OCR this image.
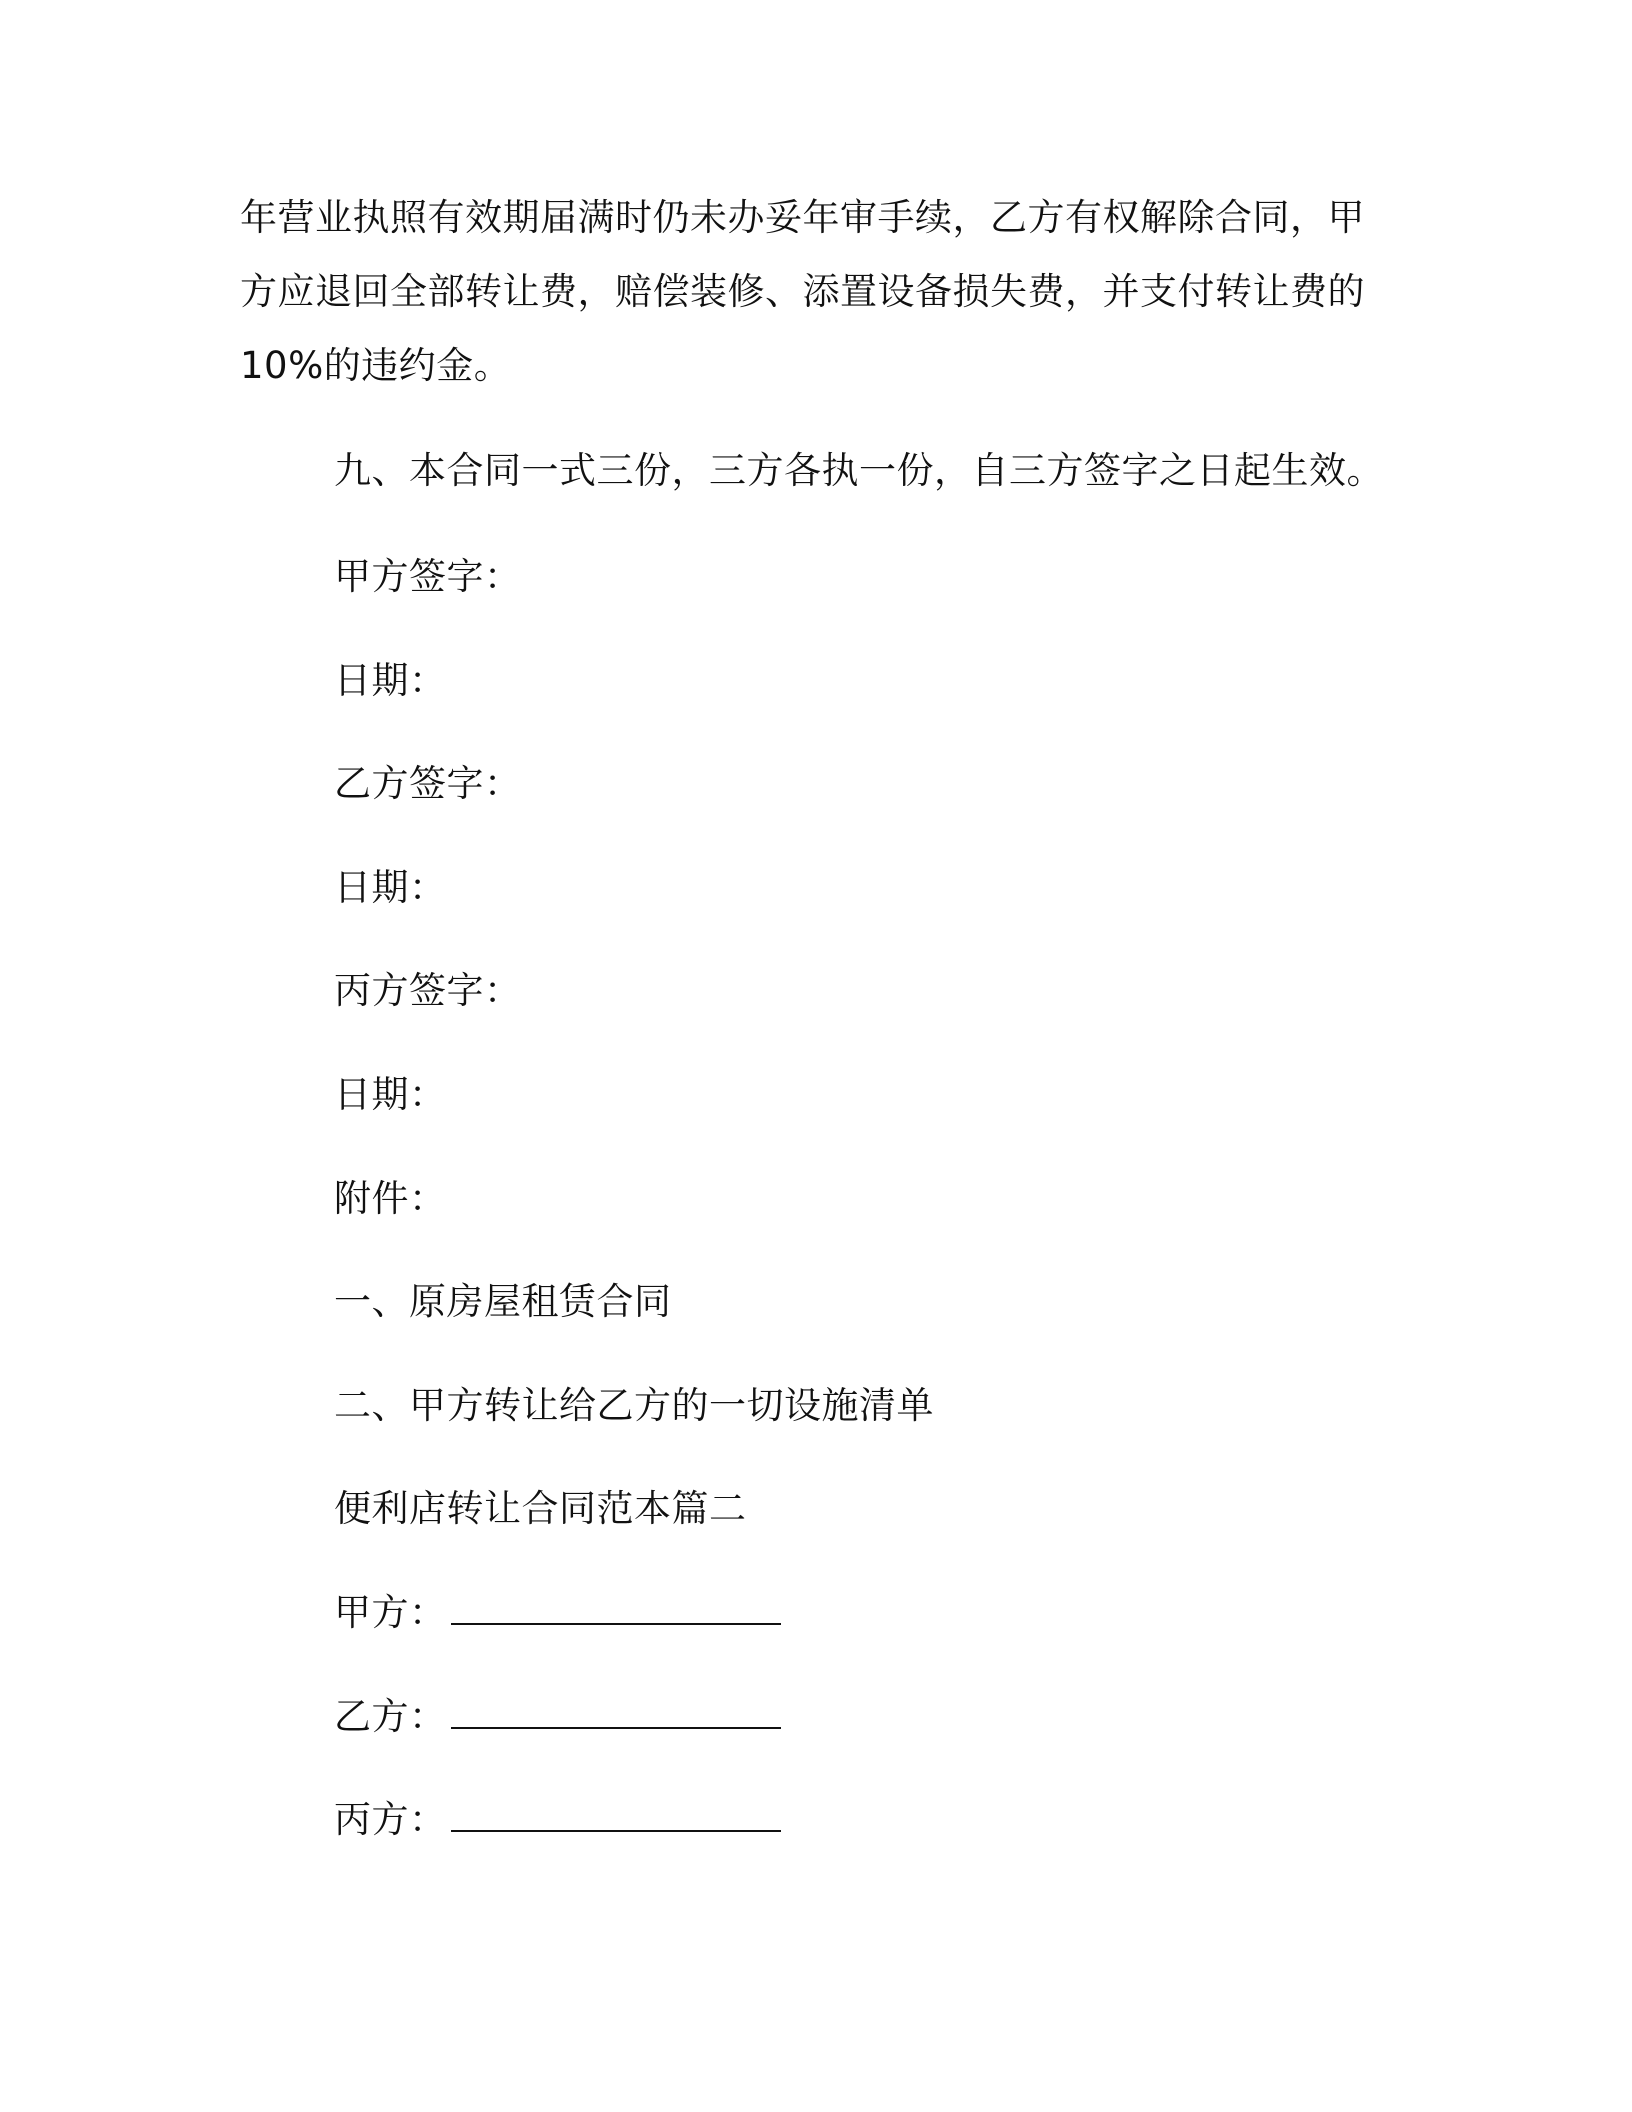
年营业执照有效期届满时仍未办妥年审手续，乙方有权解除合同，甲
方应退回全部转让费，赔偿装修、添置设备损失费，并支付转让费的
10%的违约金。
九、本合同一式三份，三方各执一份，自三方签字之日起生效。
甲方签字：
日期：
乙方签字：
日期：
丙方签字：
日期：
附件：
一、原房屋租赁合同
二、甲方转让给乙方的一切设施清单
便利店转让合同范本篇二
甲方：
乙方：
丙方：
